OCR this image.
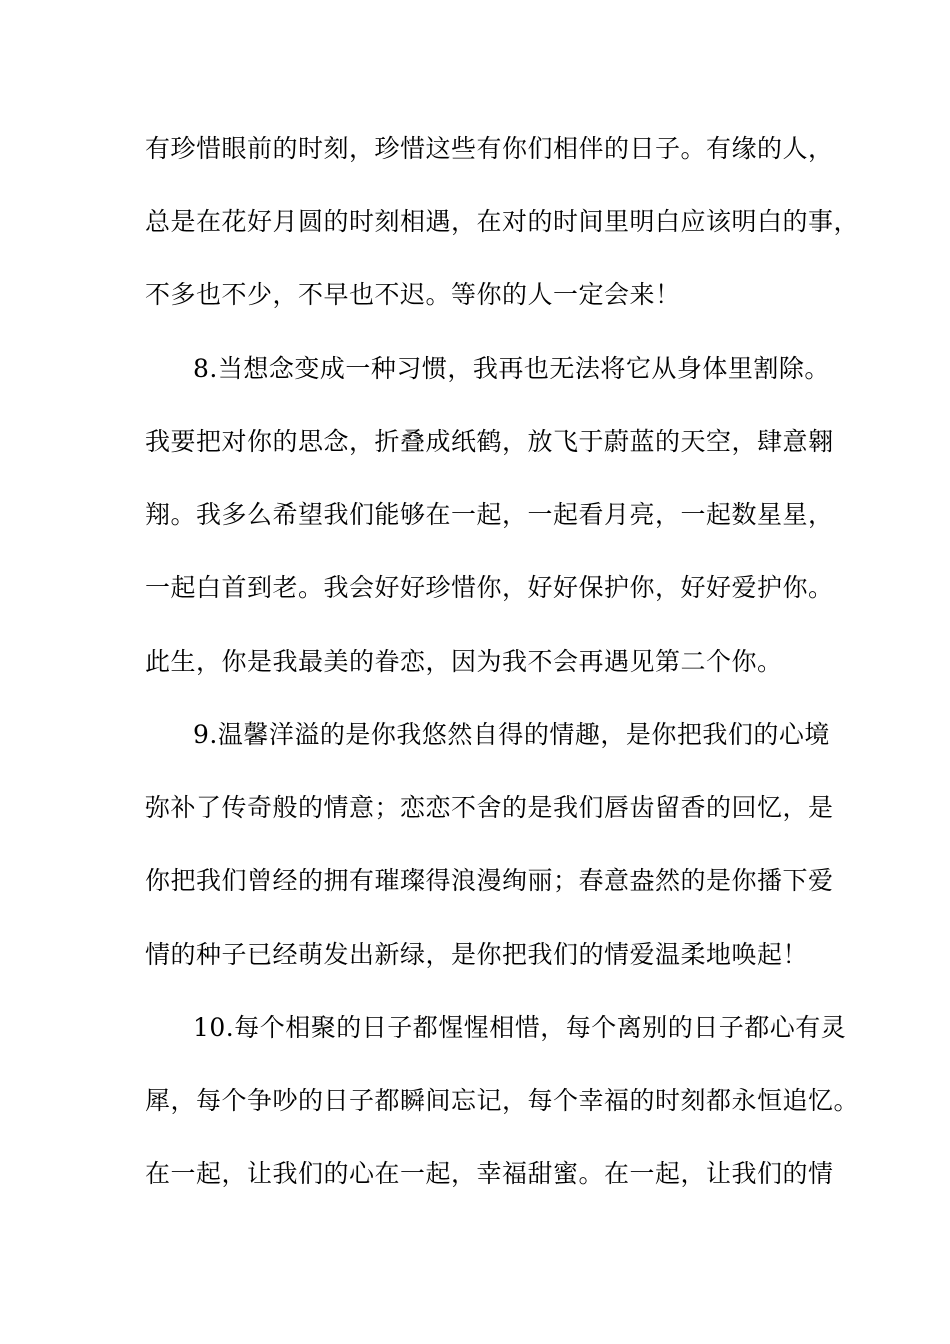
有珍惜眼前的时刻，珍惜这些有你们相伴的日子。有缘的人，
总是在花好月圆的时刻相遇，在对的时间里明白应该明白的事，
不多也不少，不早也不迟。等你的人一定会来！
8.当想念变成一种习惯，我再也无法将它从身体里割除。
我要把对你的思念，折叠成纸鹤，放飞于蔚蓝的天空，肆意翱
翔。我多么希望我们能够在一起，一起看月亮，一起数星星，
一起白首到老。我会好好珍惜你，好好保护你，好好爱护你。
此生，你是我最美的眷恋，因为我不会再遇见第二个你。
9.温馨洋溢的是你我悠然自得的情趣，是你把我们的心境
弥补了传奇般的情意；恋恋不舍的是我们唇齿留香的回忆，是
你把我们曾经的拥有璀璨得浪漫绚丽；春意盎然的是你播下爱
情的种子已经萌发出新绿，是你把我们的情爱温柔地唤起！
10.每个相聚的日子都惺惺相惜，每个离别的日子都心有灵
犀，每个争吵的日子都瞬间忘记，每个幸福的时刻都永恒追忆。
在一起，让我们的心在一起，幸福甜蜜。在一起，让我们的情
